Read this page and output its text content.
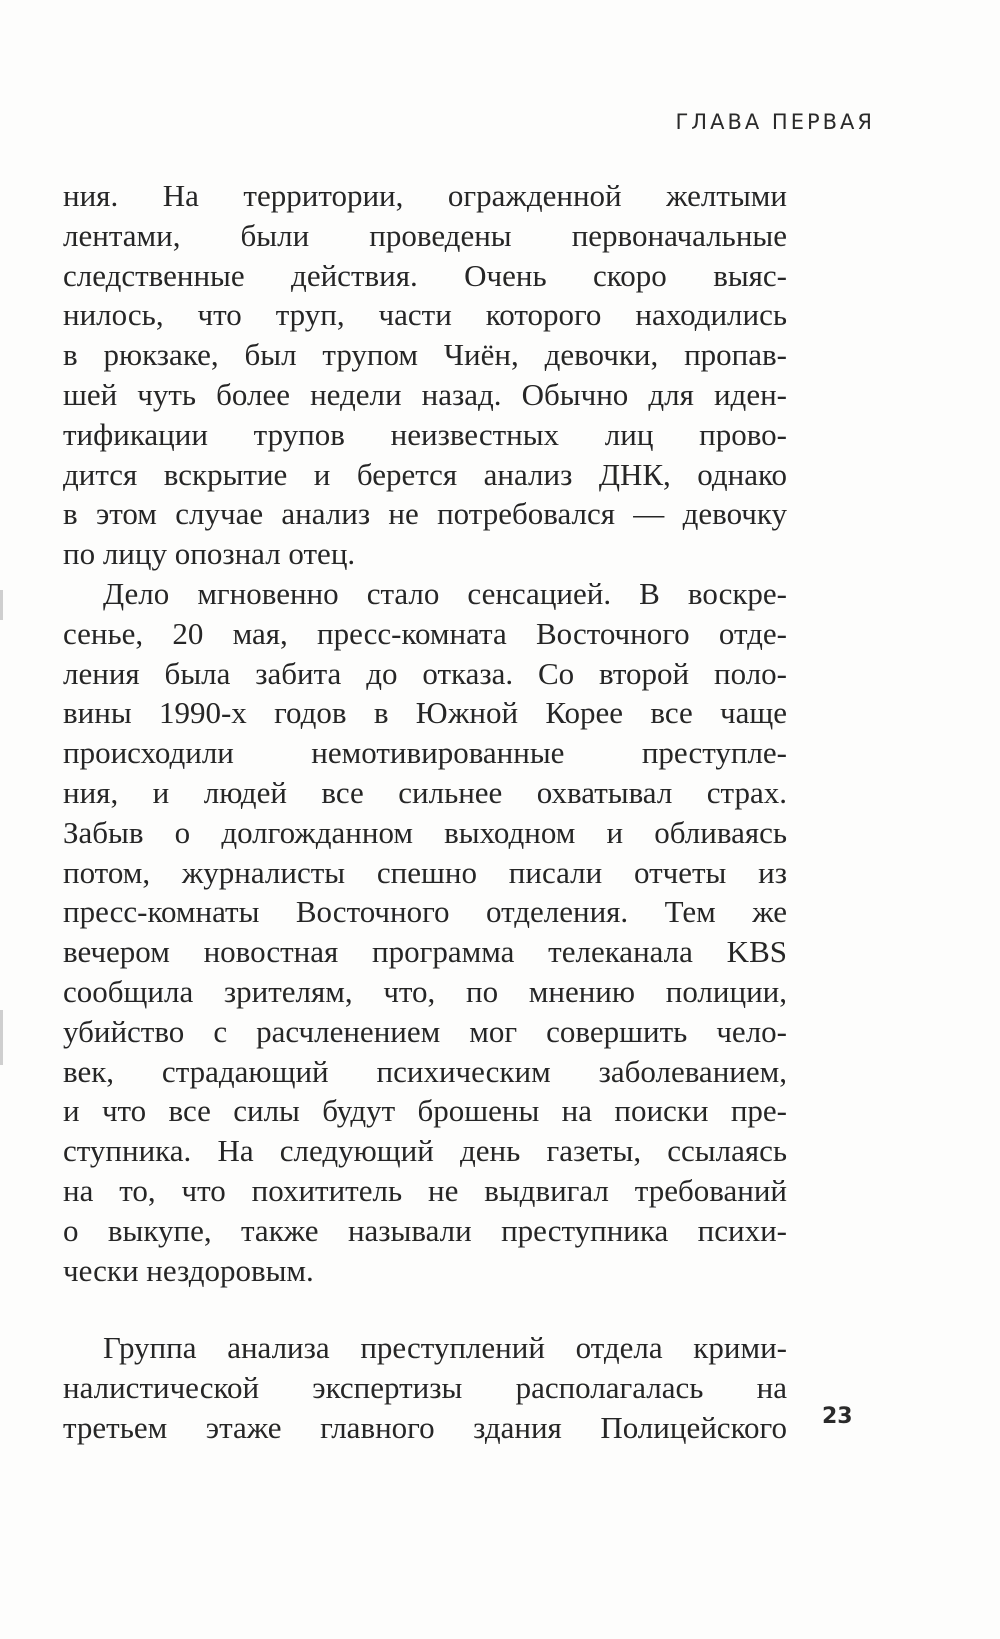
ГЛАВА ПЕРВАЯ
ния. На территории, огражденной желтыми
лентами, были проведены первоначальные
следственные действия. Очень скоро выяс-
нилось, что труп, части которого находились
в рюкзаке, был трупом Чиён, девочки, пропав-
шей чуть более недели назад. Обычно для иден-
тификации трупов неизвестных лиц прово-
дится вскрытие и берется анализ ДНК, однако
в этом случае анализ не потребовался — девочку
по лицу опознал отец.
Дело мгновенно стало сенсацией. В воскре-
сенье, 20 мая, пресс-комната Восточного отде-
ления была забита до отказа. Со второй поло-
вины 1990-х годов в Южной Корее все чаще
происходили немотивированные преступле-
ния, и людей все сильнее охватывал страх.
Забыв о долгожданном выходном и обливаясь
потом, журналисты спешно писали отчеты из
пресс-комнаты Восточного отделения. Тем же
вечером новостная программа телеканала KBS
сообщила зрителям, что, по мнению полиции,
убийство с расчленением мог совершить чело-
век, страдающий психическим заболеванием,
и что все силы будут брошены на поиски пре-
ступника. На следующий день газеты, ссылаясь
на то, что похититель не выдвигал требований
о выкупе, также называли преступника психи-
чески нездоровым.
Группа анализа преступлений отдела крими-
налистической экспертизы располагалась на
третьем этаже главного здания Полицейского 23
